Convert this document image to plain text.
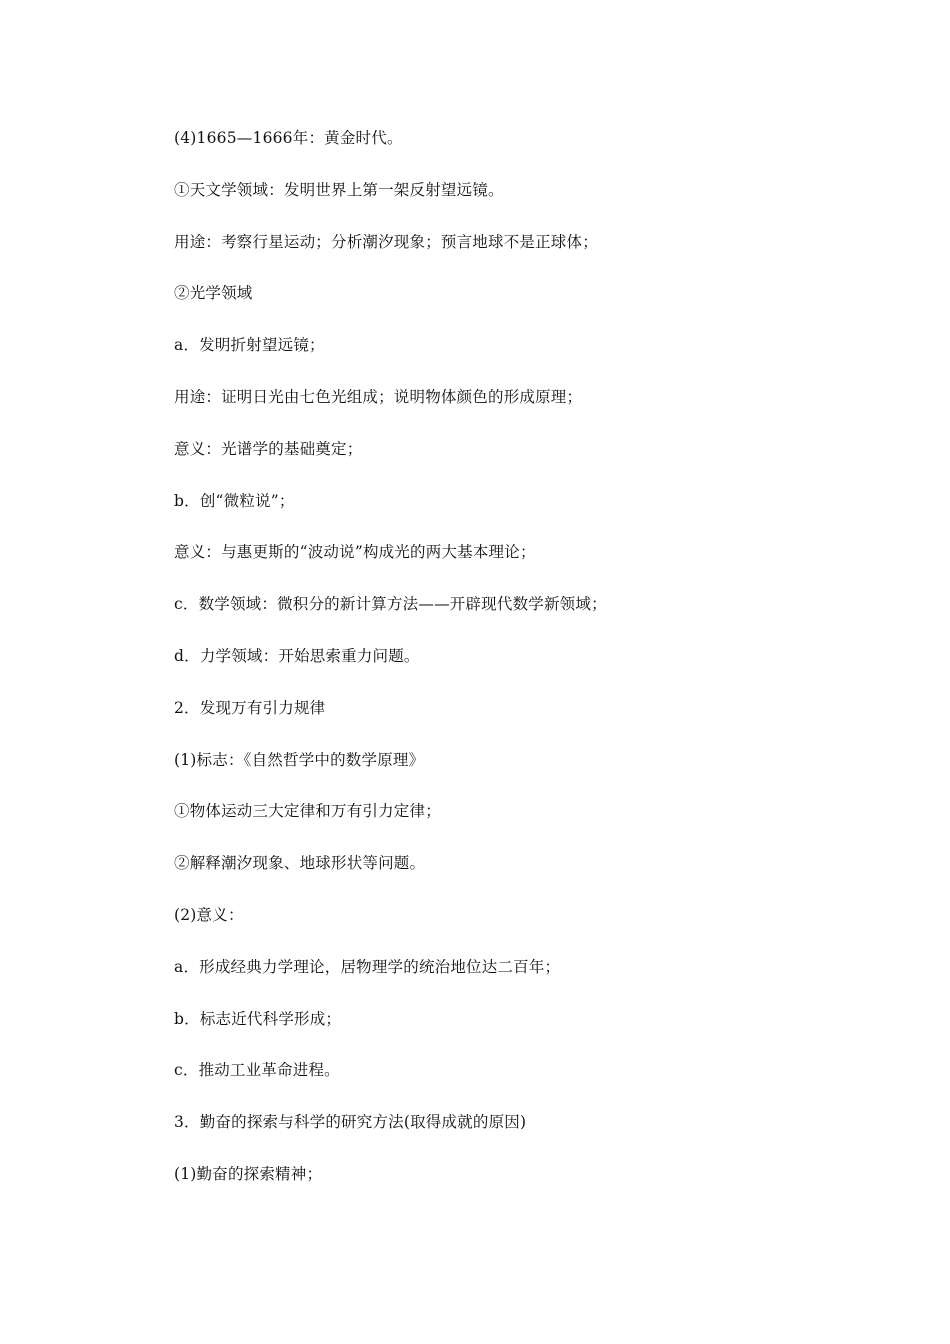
(4)1665—1666年：黄金时代。

①天文学领域：发明世界上第一架反射望远镜。

用途：考察行星运动；分析潮汐现象；预言地球不是正球体；

②光学领域

a．发明折射望远镜；

用途：证明日光由七色光组成；说明物体颜色的形成原理；

意义：光谱学的基础奠定；

b．创“微粒说”；

意义：与惠更斯的“波动说”构成光的两大基本理论；

c．数学领域：微积分的新计算方法——开辟现代数学新领域；

d．力学领域：开始思索重力问题。

2．发现万有引力规律

(1)标志：《自然哲学中的数学原理》

①物体运动三大定律和万有引力定律；

②解释潮汐现象、地球形状等问题。

(2)意义：

a．形成经典力学理论，居物理学的统治地位达二百年；

b．标志近代科学形成；

c．推动工业革命进程。

3．勤奋的探索与科学的研究方法(取得成就的原因)

(1)勤奋的探索精神；
